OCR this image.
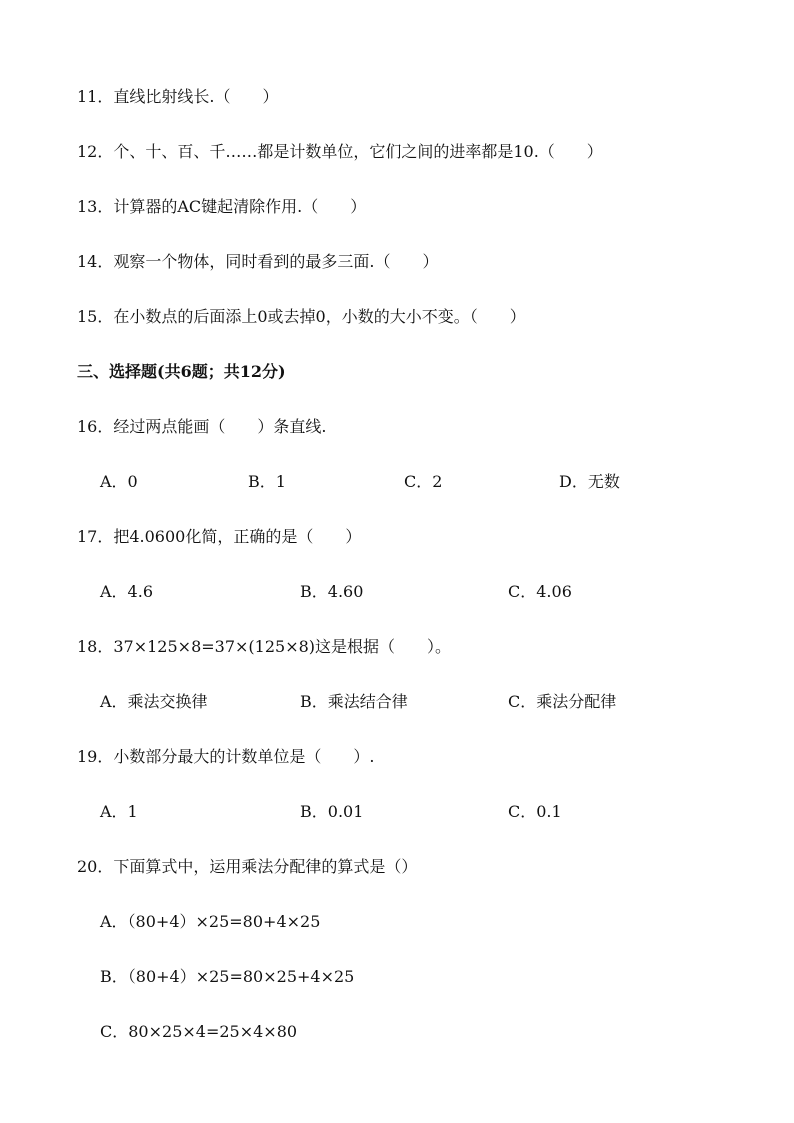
11．直线比射线长.（　　）
12．个、十、百、千……都是计数单位，它们之间的进率都是10.（　　）
13．计算器的AC键起清除作用.（　　）
14．观察一个物体，同时看到的最多三面.（　　）
15．在小数点的后面添上0或去掉0，小数的大小不变。（　　）
三、选择题(共6题；共12分)
16．经过两点能画（　　）条直线.
A．0	B．1	C．2	D．无数
17．把4.0600化简，正确的是（　　）
A．4.6	B．4.60	C．4.06
18．37×125×8=37×(125×8)这是根据（　　）。
A．乘法交换律	B．乘法结合律	C．乘法分配律
19．小数部分最大的计数单位是（　　）.
A．1	B．0.01	C．0.1
20．下面算式中，运用乘法分配律的算式是（）
A．（80+4）×25=80+4×25
B．（80+4）×25=80×25+4×25
C．80×25×4=25×4×80
